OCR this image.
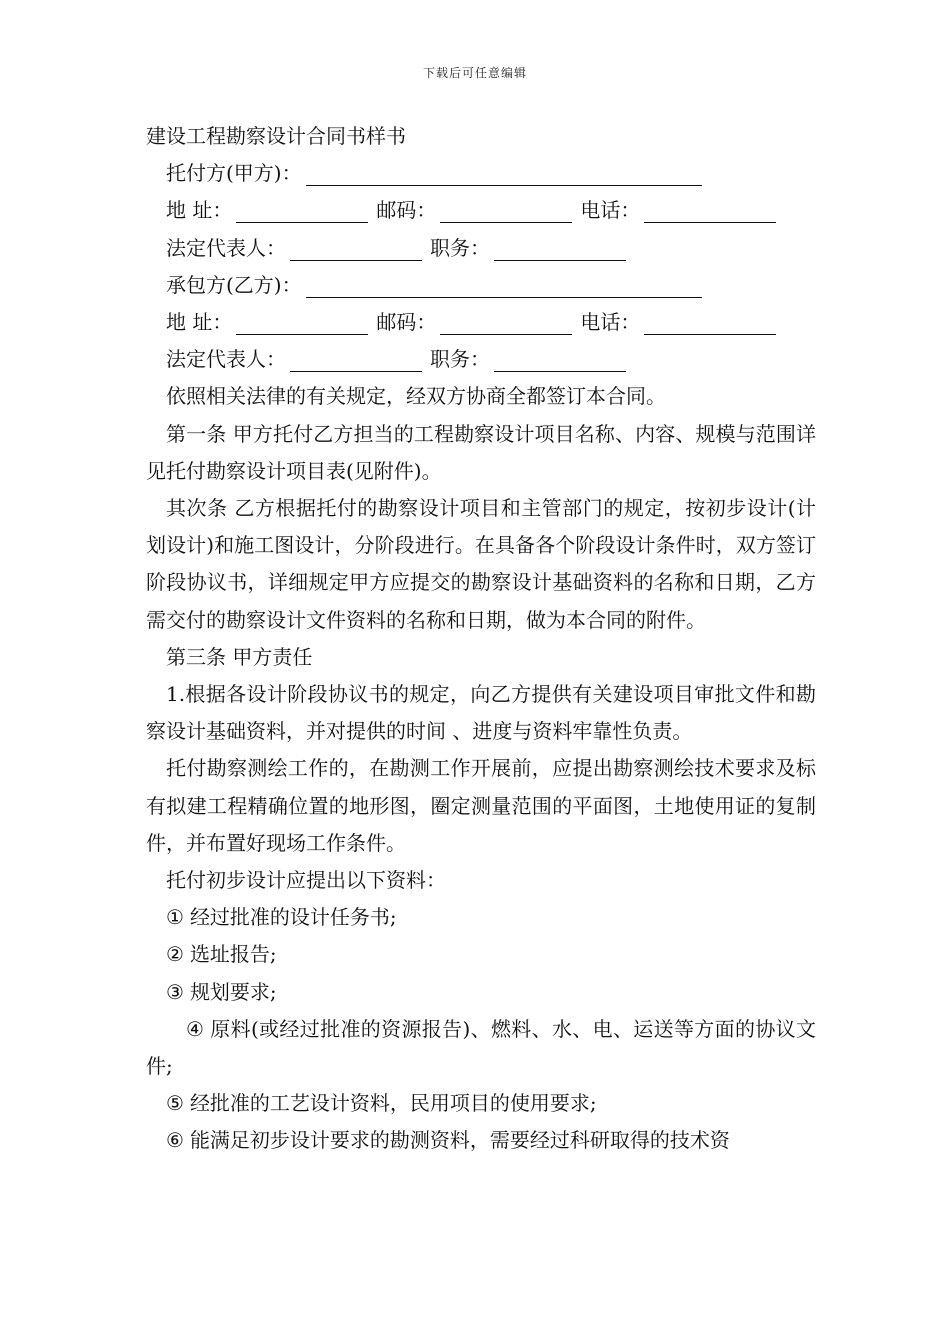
下载后可任意编辑
建设工程勘察设计合同书样书
托付方(甲方)：
地 址：	邮码：	电话：
法定代表人：	职务：
承包方(乙方)：
地 址：	邮码：	电话：
法定代表人：	职务：

依照相关法律的有关规定，经双方协商全都签订本合同。

第一条 甲方托付乙方担当的工程勘察设计项目名称、内容、规模与范围详见托付勘察设计项目表(见附件)。

其次条 乙方根据托付的勘察设计项目和主管部门的规定，按初步设计(计划设计)和施工图设计，分阶段进行。在具备各个阶段设计条件时，双方签订阶段协议书，详细规定甲方应提交的勘察设计基础资料的名称和日期，乙方需交付的勘察设计文件资料的名称和日期，做为本合同的附件。

第三条 甲方责任

1.根据各设计阶段协议书的规定，向乙方提供有关建设项目审批文件和勘察设计基础资料，并对提供的时间 、进度与资料牢靠性负责。

托付勘察测绘工作的，在勘测工作开展前，应提出勘察测绘技术要求及标有拟建工程精确位置的地形图，圈定测量范围的平面图，土地使用证的复制件，并布置好现场工作条件。

托付初步设计应提出以下资料：

① 经过批准的设计任务书;

② 选址报告;

③ 规划要求;

④ 原料(或经过批准的资源报告)、燃料、水、电、运送等方面的协议文件;

⑤ 经批准的工艺设计资料，民用项目的使用要求;

⑥ 能满足初步设计要求的勘测资料，需要经过科研取得的技术资
